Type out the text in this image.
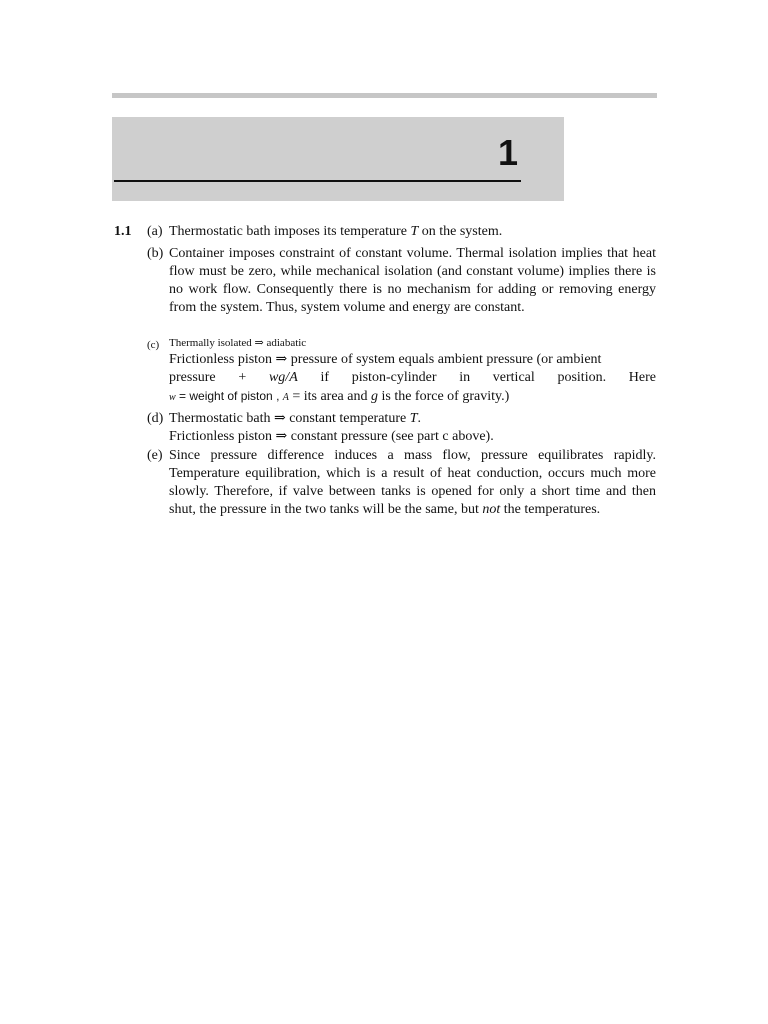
1
1.1 (a) Thermostatic bath imposes its temperature T on the system.
(b) Container imposes constraint of constant volume. Thermal isolation implies that heat flow must be zero, while mechanical isolation (and constant volume) implies there is no work flow. Consequently there is no mechanism for adding or removing energy from the system. Thus, system volume and energy are constant.
(c) Thermally isolated ⇒ adiabatic
Frictionless piston ⇒ pressure of system equals ambient pressure (or ambient
pressure + wg/A if piston-cylinder in vertical position. Here
w = weight of piston , A = its area and g is the force of gravity.)
(d) Thermostatic bath ⇒ constant temperature T.
Frictionless piston ⇒ constant pressure (see part c above).
(e) Since pressure difference induces a mass flow, pressure equilibrates rapidly. Temperature equilibration, which is a result of heat conduction, occurs much more slowly. Therefore, if valve between tanks is opened for only a short time and then shut, the pressure in the two tanks will be the same, but not the temperatures.
